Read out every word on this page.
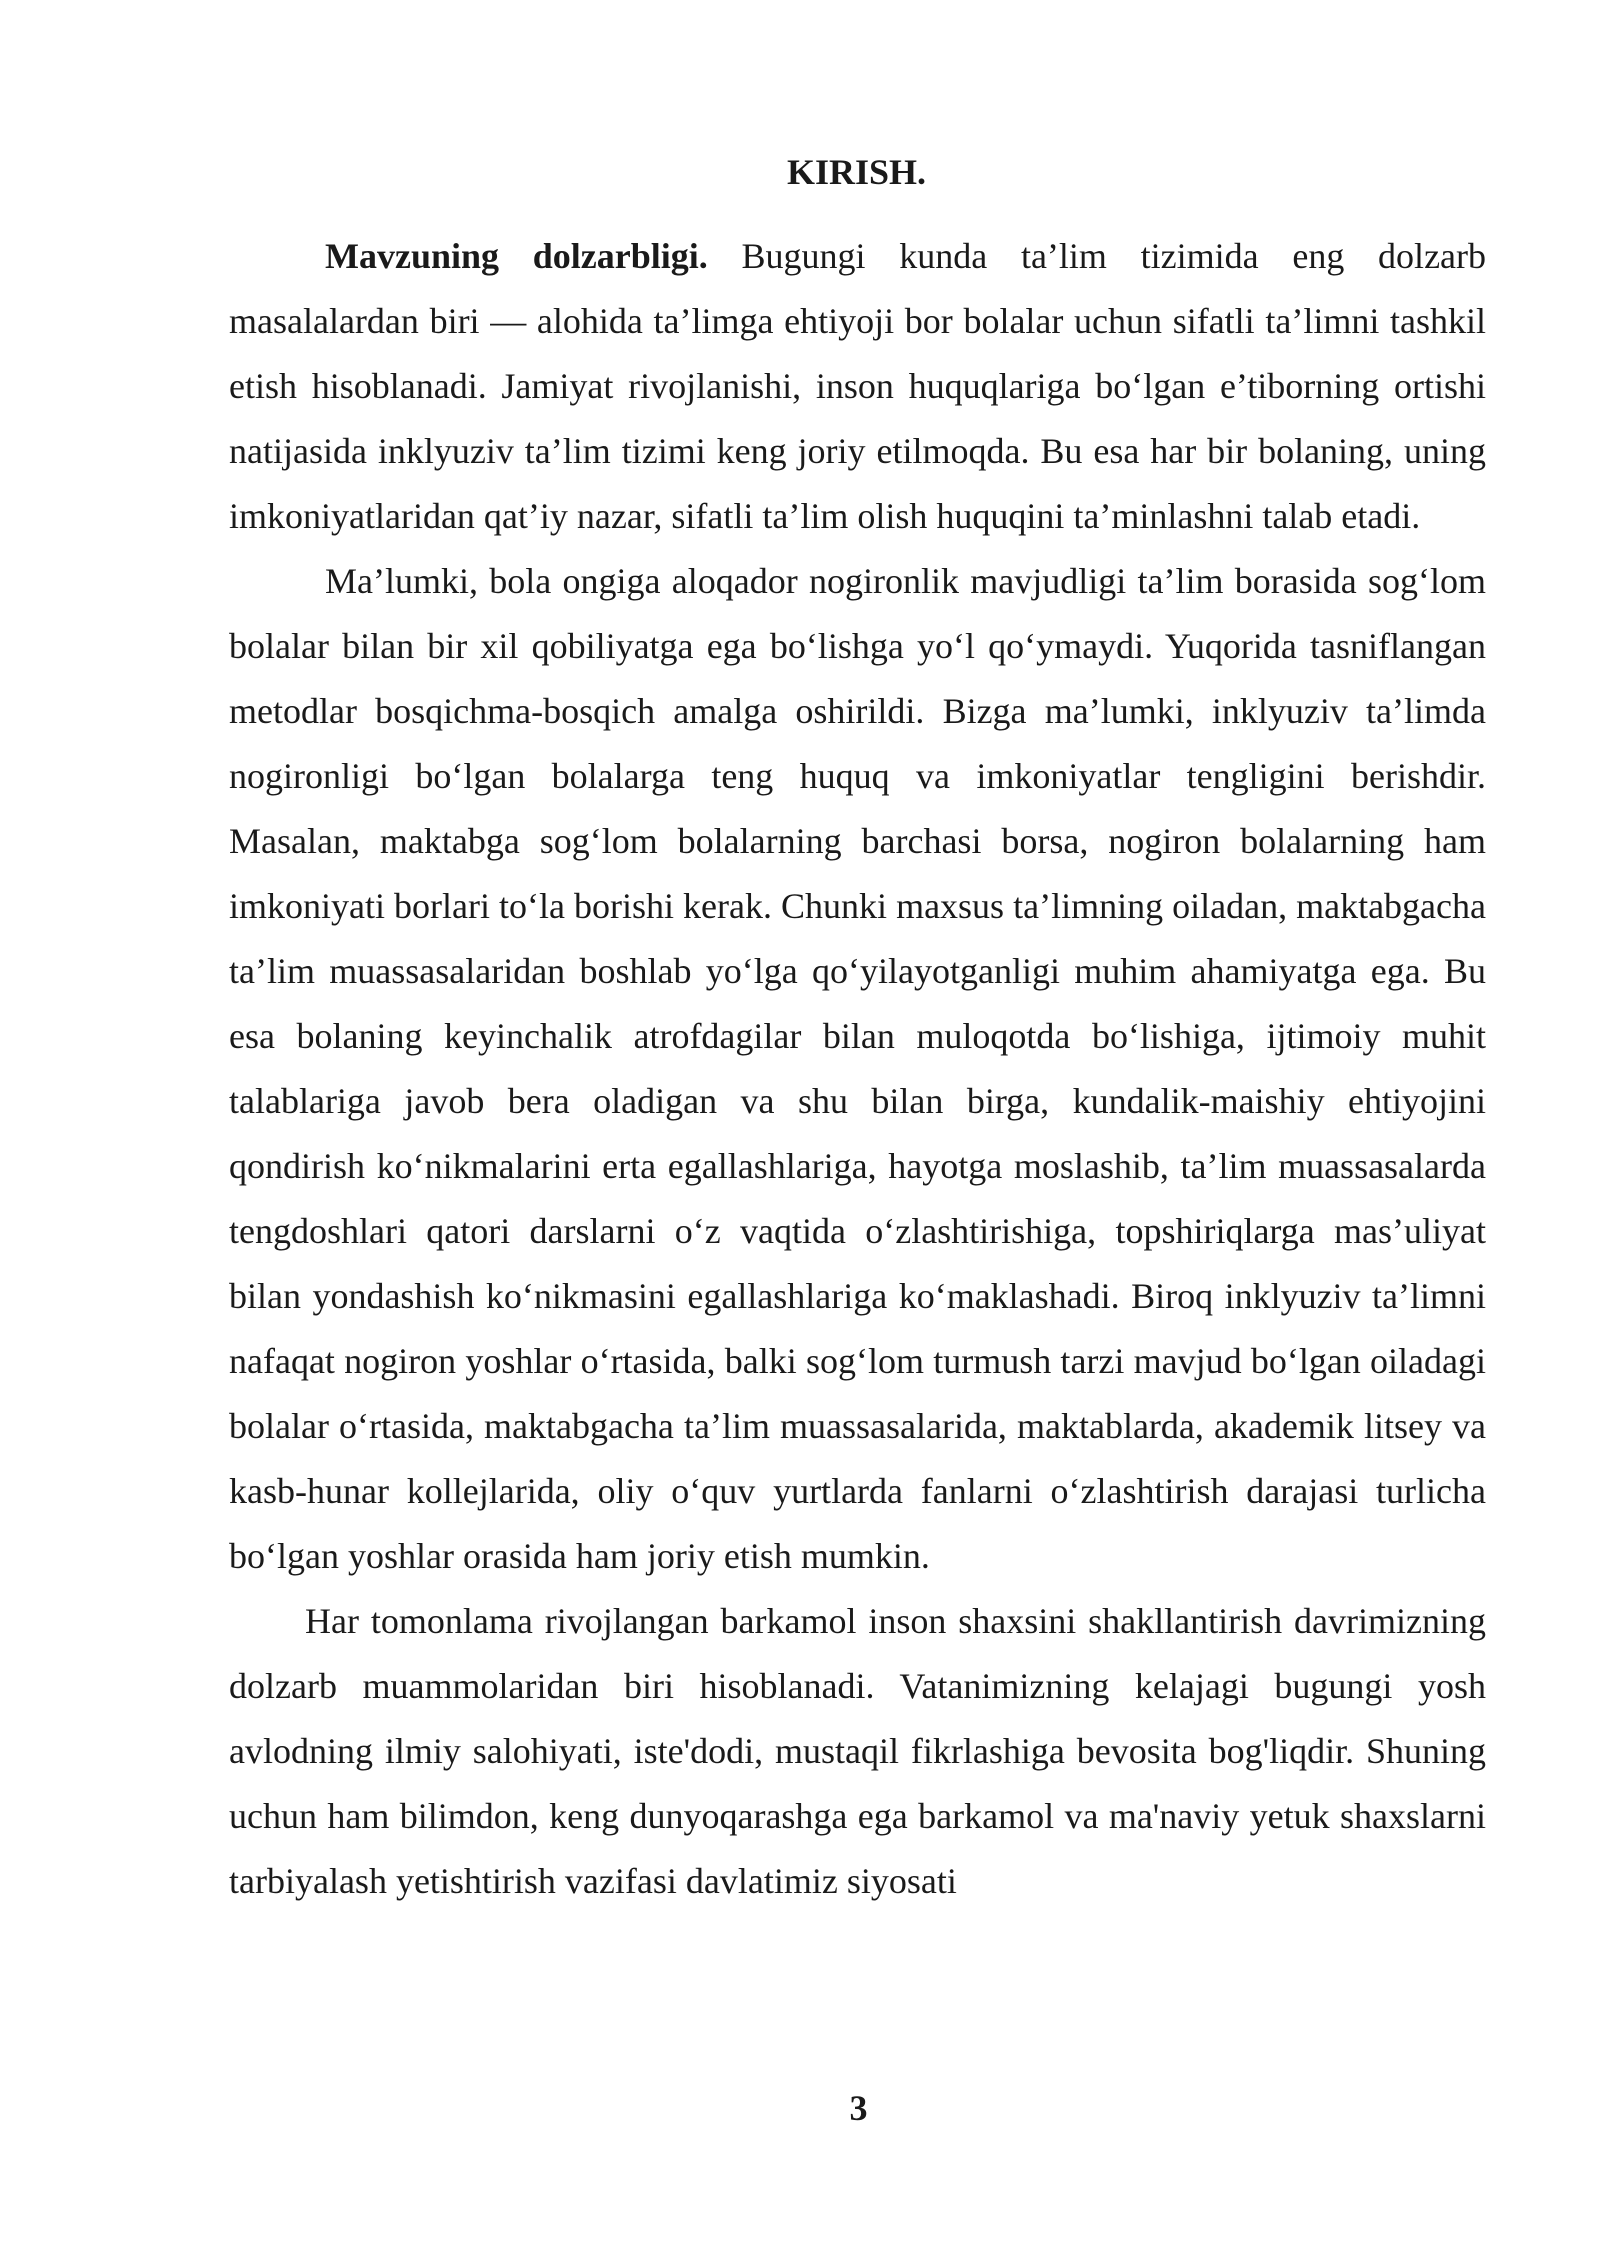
KIRISH.

Mavzuning dolzarbligi. Bugungi kunda ta’lim tizimida eng dolzarb masalalardan biri — alohida ta’limga ehtiyoji bor bolalar uchun sifatli ta’limni tashkil etish hisoblanadi. Jamiyat rivojlanishi, inson huquqlariga bo‘lgan e’tiborning ortishi natijasida inklyuziv ta’lim tizimi keng joriy etilmoqda. Bu esa har bir bolaning, uning imkoniyatlaridan qat’iy nazar, sifatli ta’lim olish huquqini ta’minlashni talab etadi.

Ma’lumki, bola ongiga aloqador nogironlik mavjudligi ta’lim borasida sog‘lom bolalar bilan bir xil qobiliyatga ega bo‘lishga yo‘l qo‘ymaydi. Yuqorida tasniflangan metodlar bosqichma-bosqich amalga oshirildi. Bizga ma’lumki, inklyuziv ta’limda nogironligi bo‘lgan bolalarga teng huquq va imkoniyatlar tengligini berishdir. Masalan, maktabga sog‘lom bolalarning barchasi borsa, nogiron bolalarning ham imkoniyati borlari to‘la borishi kerak. Chunki maxsus ta’limning oiladan, maktabgacha ta’lim muassasalaridan boshlab yo‘lga qo‘yilayotganligi muhim ahamiyatga ega. Bu esa bolaning keyinchalik atrofdagilar bilan muloqotda bo‘lishiga, ijtimoiy muhit talablariga javob bera oladigan va shu bilan birga, kundalik-maishiy ehtiyojini qondirish ko‘nikmalarini erta egallashlariga, hayotga moslashib, ta’lim muassasalarda tengdoshlari qatori darslarni o‘z vaqtida o‘zlashtirishiga, topshiriqlarga mas’uliyat bilan yondashish ko‘nikmasini egallashlariga ko‘maklashadi. Biroq inklyuziv ta’limni nafaqat nogiron yoshlar o‘rtasida, balki sog‘lom turmush tarzi mavjud bo‘lgan oiladagi bolalar o‘rtasida, maktabgacha ta’lim muassasalarida, maktablarda, akademik litsey va kasb-hunar kollejlarida, oliy o‘quv yurtlarda fanlarni o‘zlashtirish darajasi turlicha bo‘lgan yoshlar orasida ham joriy etish mumkin.

Har tomonlama rivojlangan barkamol inson shaxsini shakllantirish davrimizning dolzarb muammolaridan biri hisoblanadi. Vatanimizning kelajagi bugungi yosh avlodning ilmiy salohiyati, iste'dodi, mustaqil fikrlashiga bevosita bog'liqdir. Shuning uchun ham bilimdon, keng dunyoqarashga ega barkamol va ma'naviy yetuk shaxslarni tarbiyalash yetishtirish vazifasi davlatimiz siyosati

3
